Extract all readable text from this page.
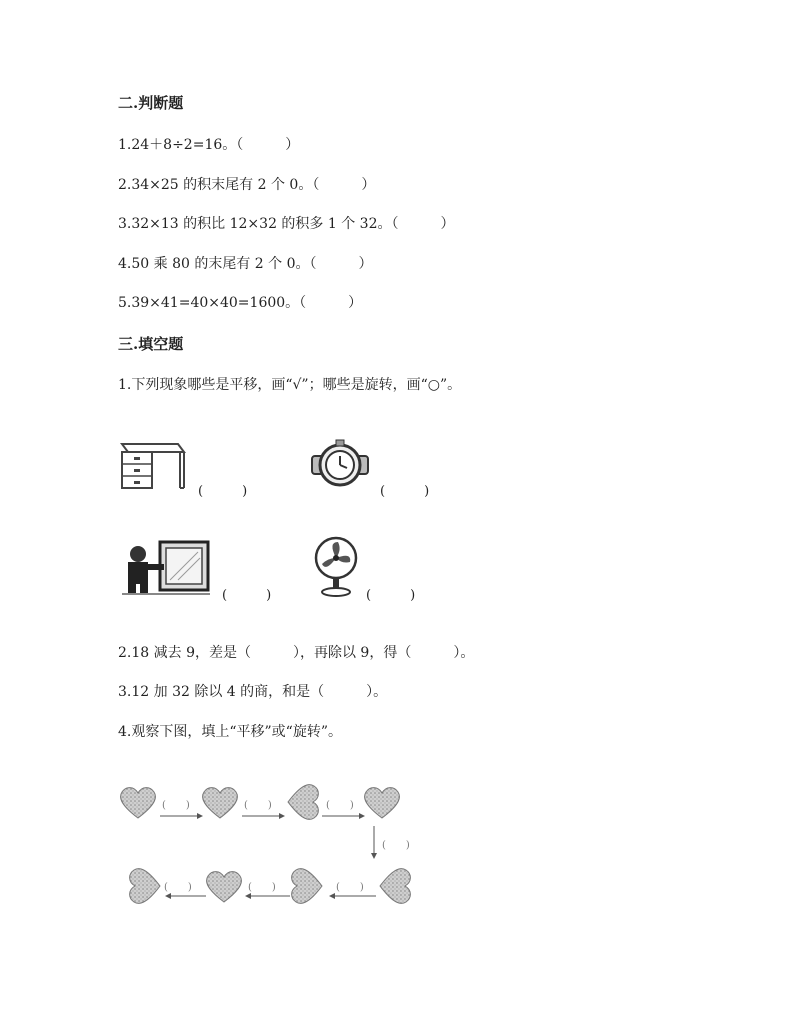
二.判断题
1.24＋8÷2=16。（　　　）
2.34×25 的积末尾有 2 个 0。（　　　）
3.32×13 的积比 12×32 的积多 1 个 32。（　　　）
4.50 乘 80 的末尾有 2 个 0。（　　　）
5.39×41=40×40=1600。（　　　）
三.填空题
1.下列现象哪些是平移，画“√”；哪些是旋转，画“○”。
(　　　)	(　　　)
(　　　)	(　　　)
2.18 减去 9，差是（　　　），再除以 9，得（　　　）。
3.12 加 32 除以 4 的商，和是（　　　）。
4.观察下图，填上“平移”或“旋转”。
(　　)	(　　)	(　　)
(　　)
(　　)	(　　)	(　　)
